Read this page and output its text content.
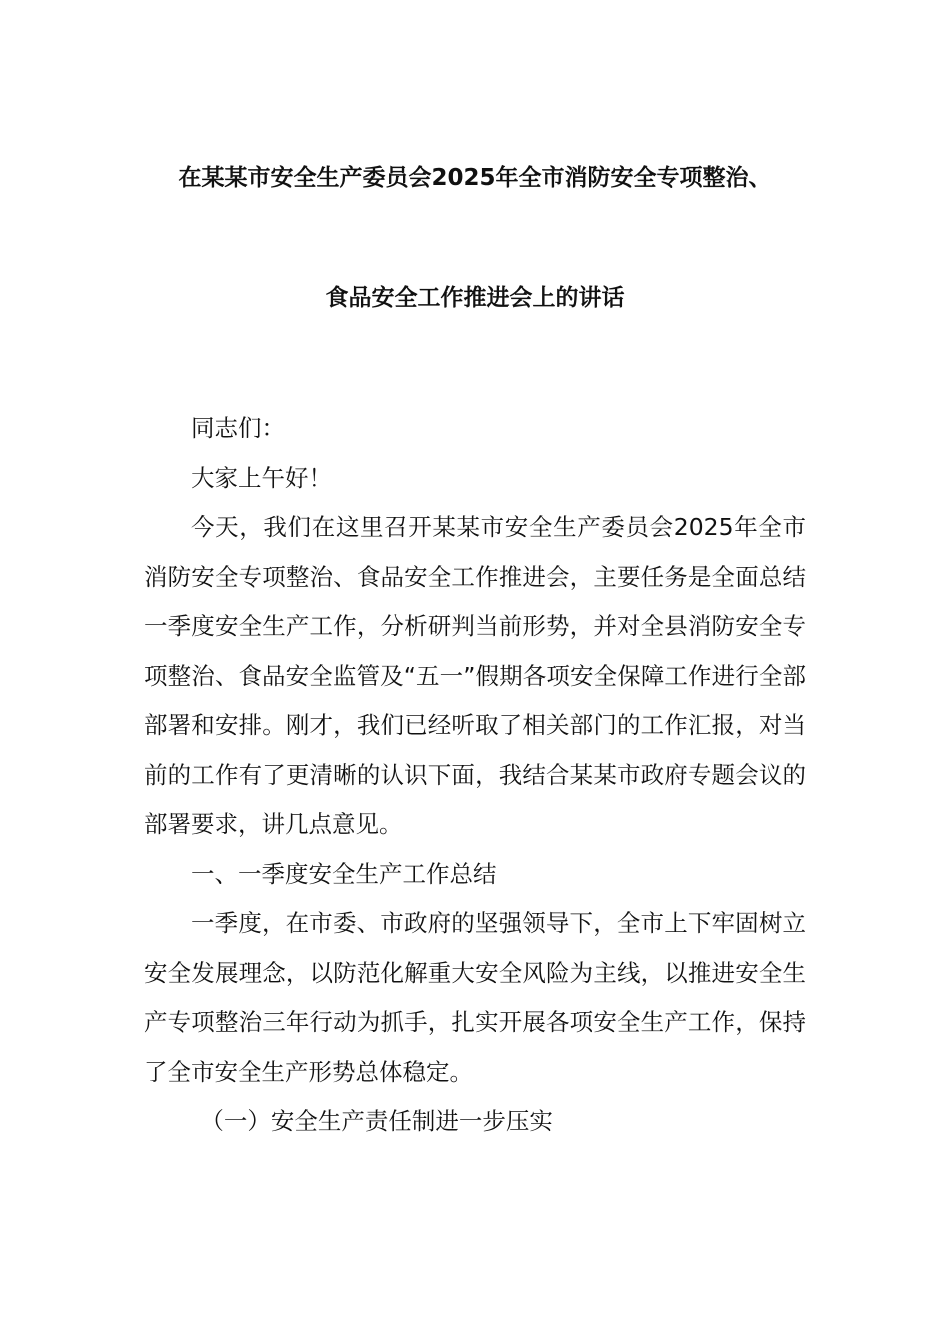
在某某市安全生产委员会2025年全市消防安全专项整治、
食品安全工作推进会上的讲话

同志们：

大家上午好！

今天，我们在这里召开某某市安全生产委员会2025年全市消防安全专项整治、食品安全工作推进会，主要任务是全面总结一季度安全生产工作，分析研判当前形势，并对全县消防安全专项整治、食品安全监管及“五一”假期各项安全保障工作进行全部部署和安排。刚才，我们已经听取了相关部门的工作汇报，对当前的工作有了更清晰的认识下面，我结合某某市政府专题会议的部署要求，讲几点意见。

一、一季度安全生产工作总结

一季度，在市委、市政府的坚强领导下，全市上下牢固树立安全发展理念，以防范化解重大安全风险为主线，以推进安全生产专项整治三年行动为抓手，扎实开展各项安全生产工作，保持了全市安全生产形势总体稳定。

（一）安全生产责任制进一步压实
